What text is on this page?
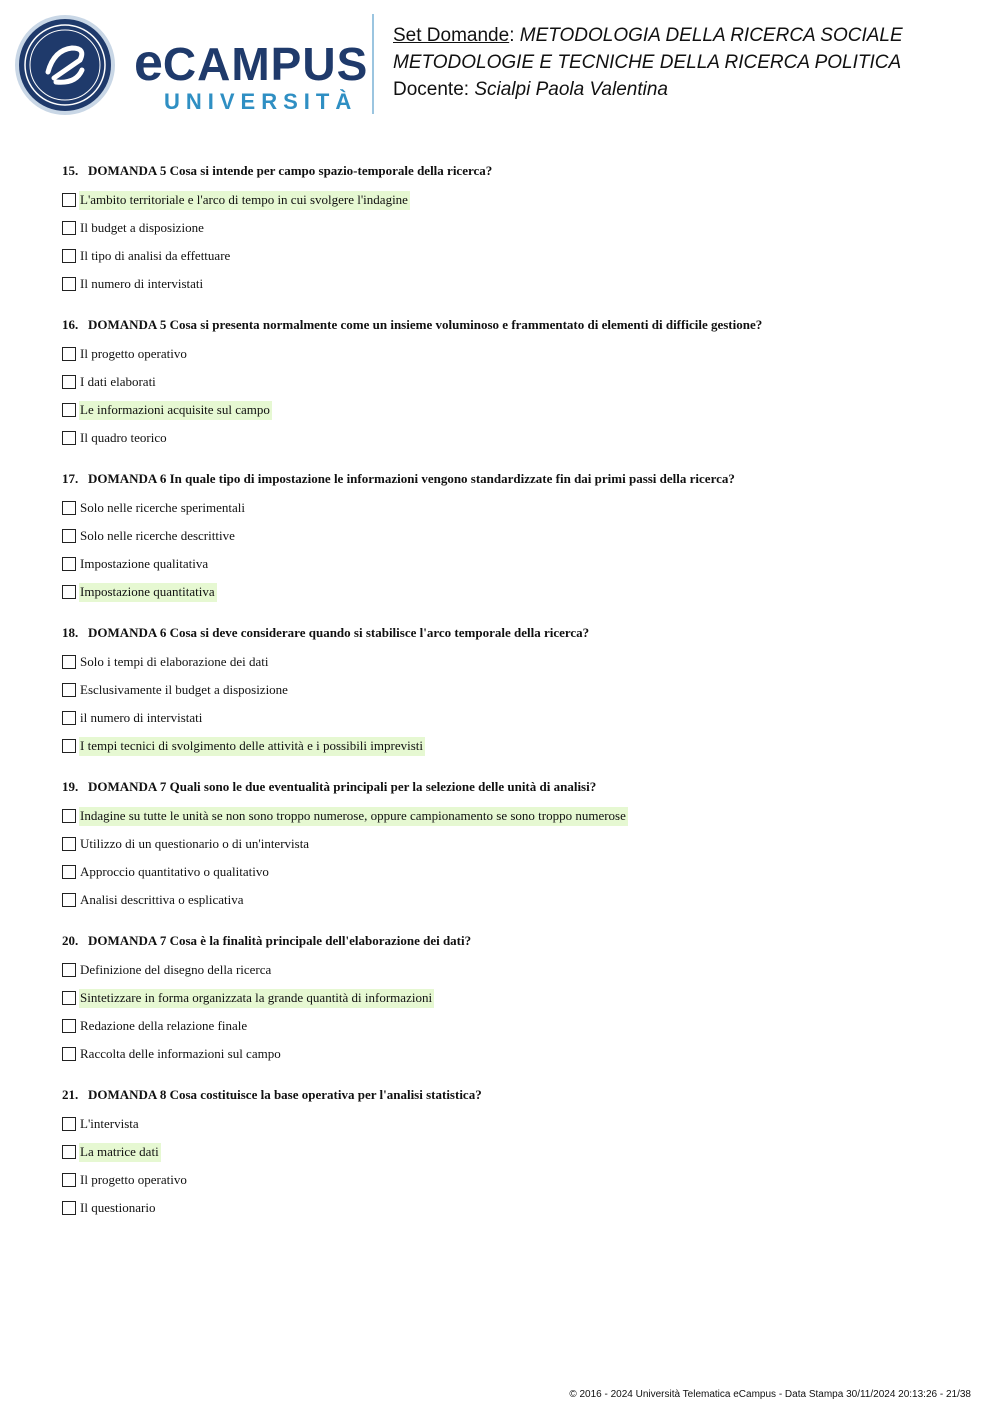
eCAMPUS
UNIVERSITÀ
Set Domande: METODOLOGIA DELLA RICERCA SOCIALE
METODOLOGIE E TECNICHE DELLA RICERCA POLITICA
Docente: Scialpi Paola Valentina
15. DOMANDA 5 Cosa si intende per campo spazio-temporale della ricerca?
L'ambito territoriale e l'arco di tempo in cui svolgere l'indagine
Il budget a disposizione
Il tipo di analisi da effettuare
Il numero di intervistati
16. DOMANDA 5 Cosa si presenta normalmente come un insieme voluminoso e frammentato di elementi di difficile gestione?
Il progetto operativo
I dati elaborati
Le informazioni acquisite sul campo
Il quadro teorico
17. DOMANDA 6 In quale tipo di impostazione le informazioni vengono standardizzate fin dai primi passi della ricerca?
Solo nelle ricerche sperimentali
Solo nelle ricerche descrittive
Impostazione qualitativa
Impostazione quantitativa
18. DOMANDA 6 Cosa si deve considerare quando si stabilisce l'arco temporale della ricerca?
Solo i tempi di elaborazione dei dati
Esclusivamente il budget a disposizione
il numero di intervistati
I tempi tecnici di svolgimento delle attività e i possibili imprevisti
19. DOMANDA 7 Quali sono le due eventualità principali per la selezione delle unità di analisi?
Indagine su tutte le unità se non sono troppo numerose, oppure campionamento se sono troppo numerose
Utilizzo di un questionario o di un'intervista
Approccio quantitativo o qualitativo
Analisi descrittiva o esplicativa
20. DOMANDA 7 Cosa è la finalità principale dell'elaborazione dei dati?
Definizione del disegno della ricerca
Sintetizzare in forma organizzata la grande quantità di informazioni
Redazione della relazione finale
Raccolta delle informazioni sul campo
21. DOMANDA 8 Cosa costituisce la base operativa per l'analisi statistica?
L'intervista
La matrice dati
Il progetto operativo
Il questionario
© 2016 - 2024 Università Telematica eCampus - Data Stampa 30/11/2024 20:13:26 - 21/38
